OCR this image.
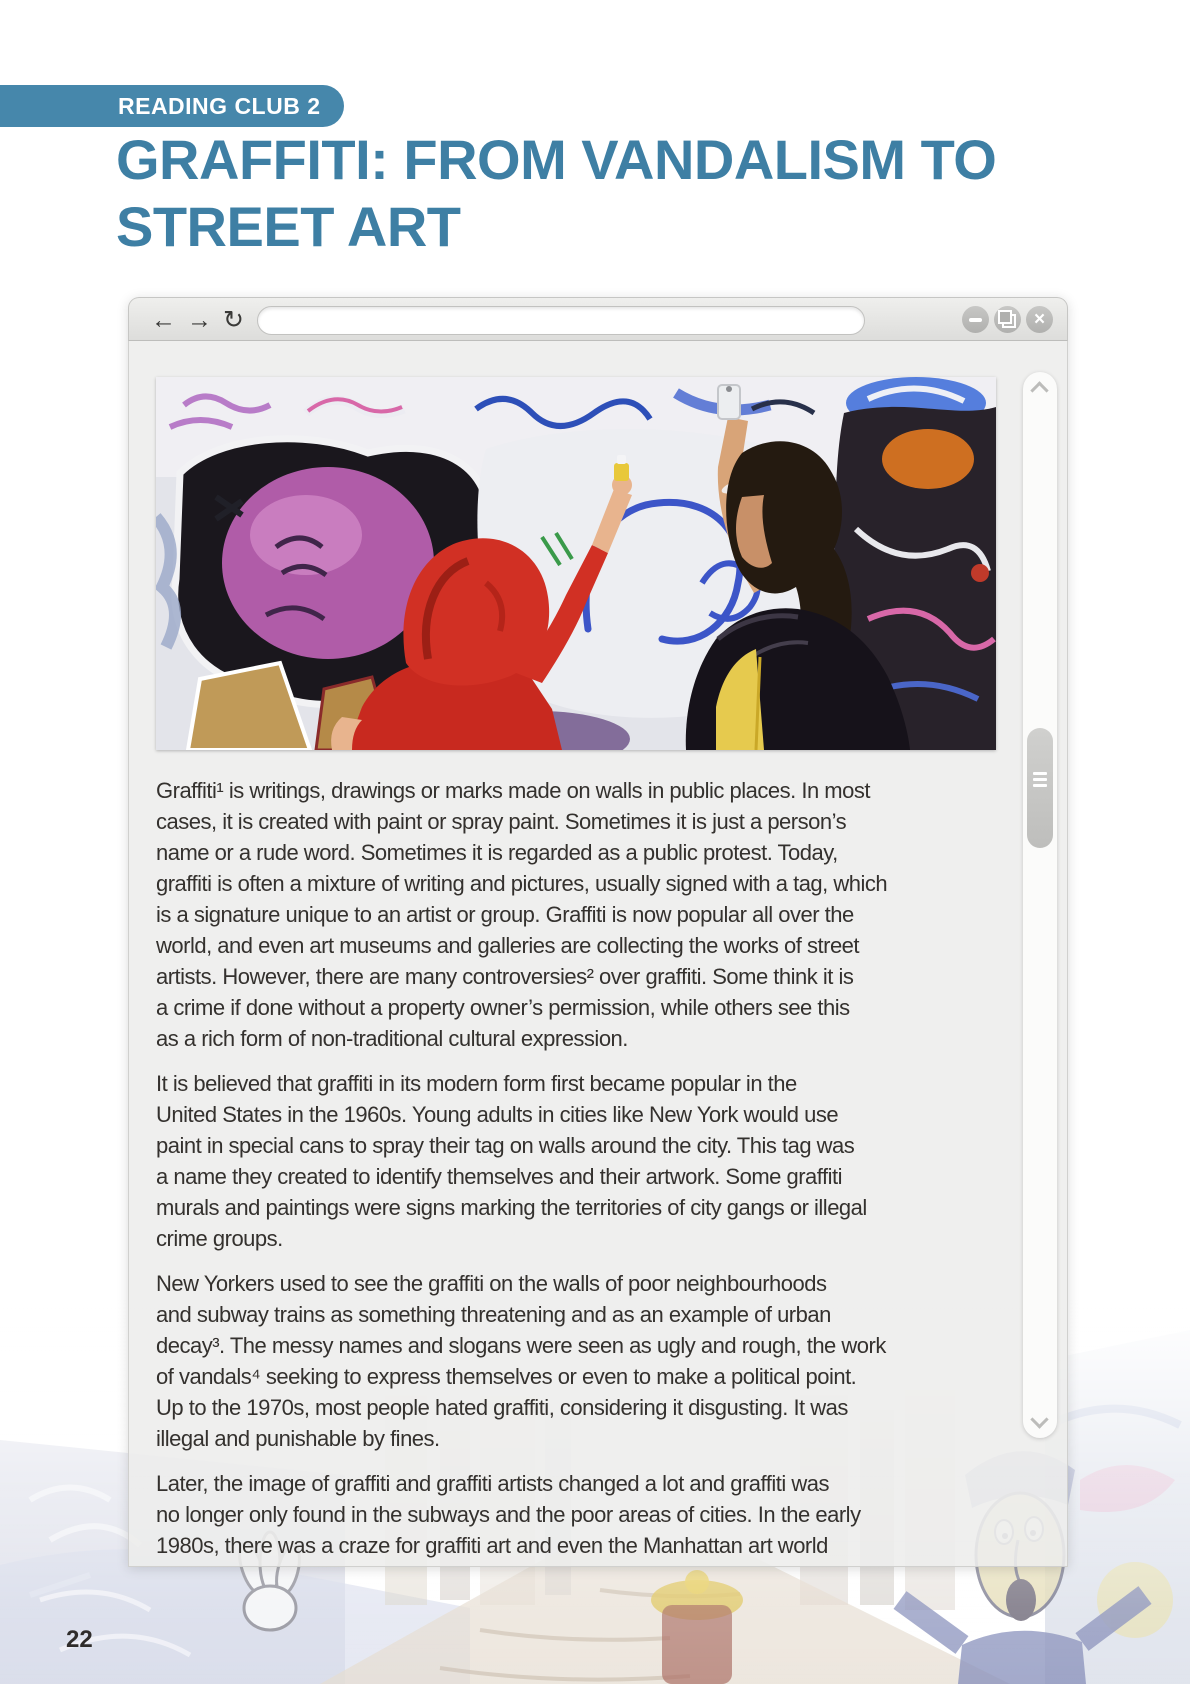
READING CLUB 2
GRAFFITI: FROM VANDALISM TO
STREET ART
← → ↻	×
Graffiti¹ is writings, drawings or marks made on walls in public places. In most
cases, it is created with paint or spray paint. Sometimes it is just a person’s
name or a rude word. Sometimes it is regarded as a public protest. Today,
graffiti is often a mixture of writing and pictures, usually signed with a tag, which
is a signature unique to an artist or group. Graffiti is now popular all over the
world, and even art museums and galleries are collecting the works of street
artists. However, there are many controversies² over graffiti. Some think it is
a crime if done without a property owner’s permission, while others see this
as a rich form of non-traditional cultural expression.
It is believed that graffiti in its modern form first became popular in the
United States in the 1960s. Young adults in cities like New York would use
paint in special cans to spray their tag on walls around the city. This tag was
a name they created to identify themselves and their artwork. Some graffiti
murals and paintings were signs marking the territories of city gangs or illegal
crime groups.
New Yorkers used to see the graffiti on the walls of poor neighbourhoods
and subway trains as something threatening and as an example of urban
decay³. The messy names and slogans were seen as ugly and rough, the work
of vandals⁴ seeking to express themselves or even to make a political point.
Up to the 1970s, most people hated graffiti, considering it disgusting. It was
illegal and punishable by fines.
Later, the image of graffiti and graffiti artists changed a lot and graffiti was
no longer only found in the subways and the poor areas of cities. In the early
1980s, there was a craze for graffiti art and even the Manhattan art world
22
